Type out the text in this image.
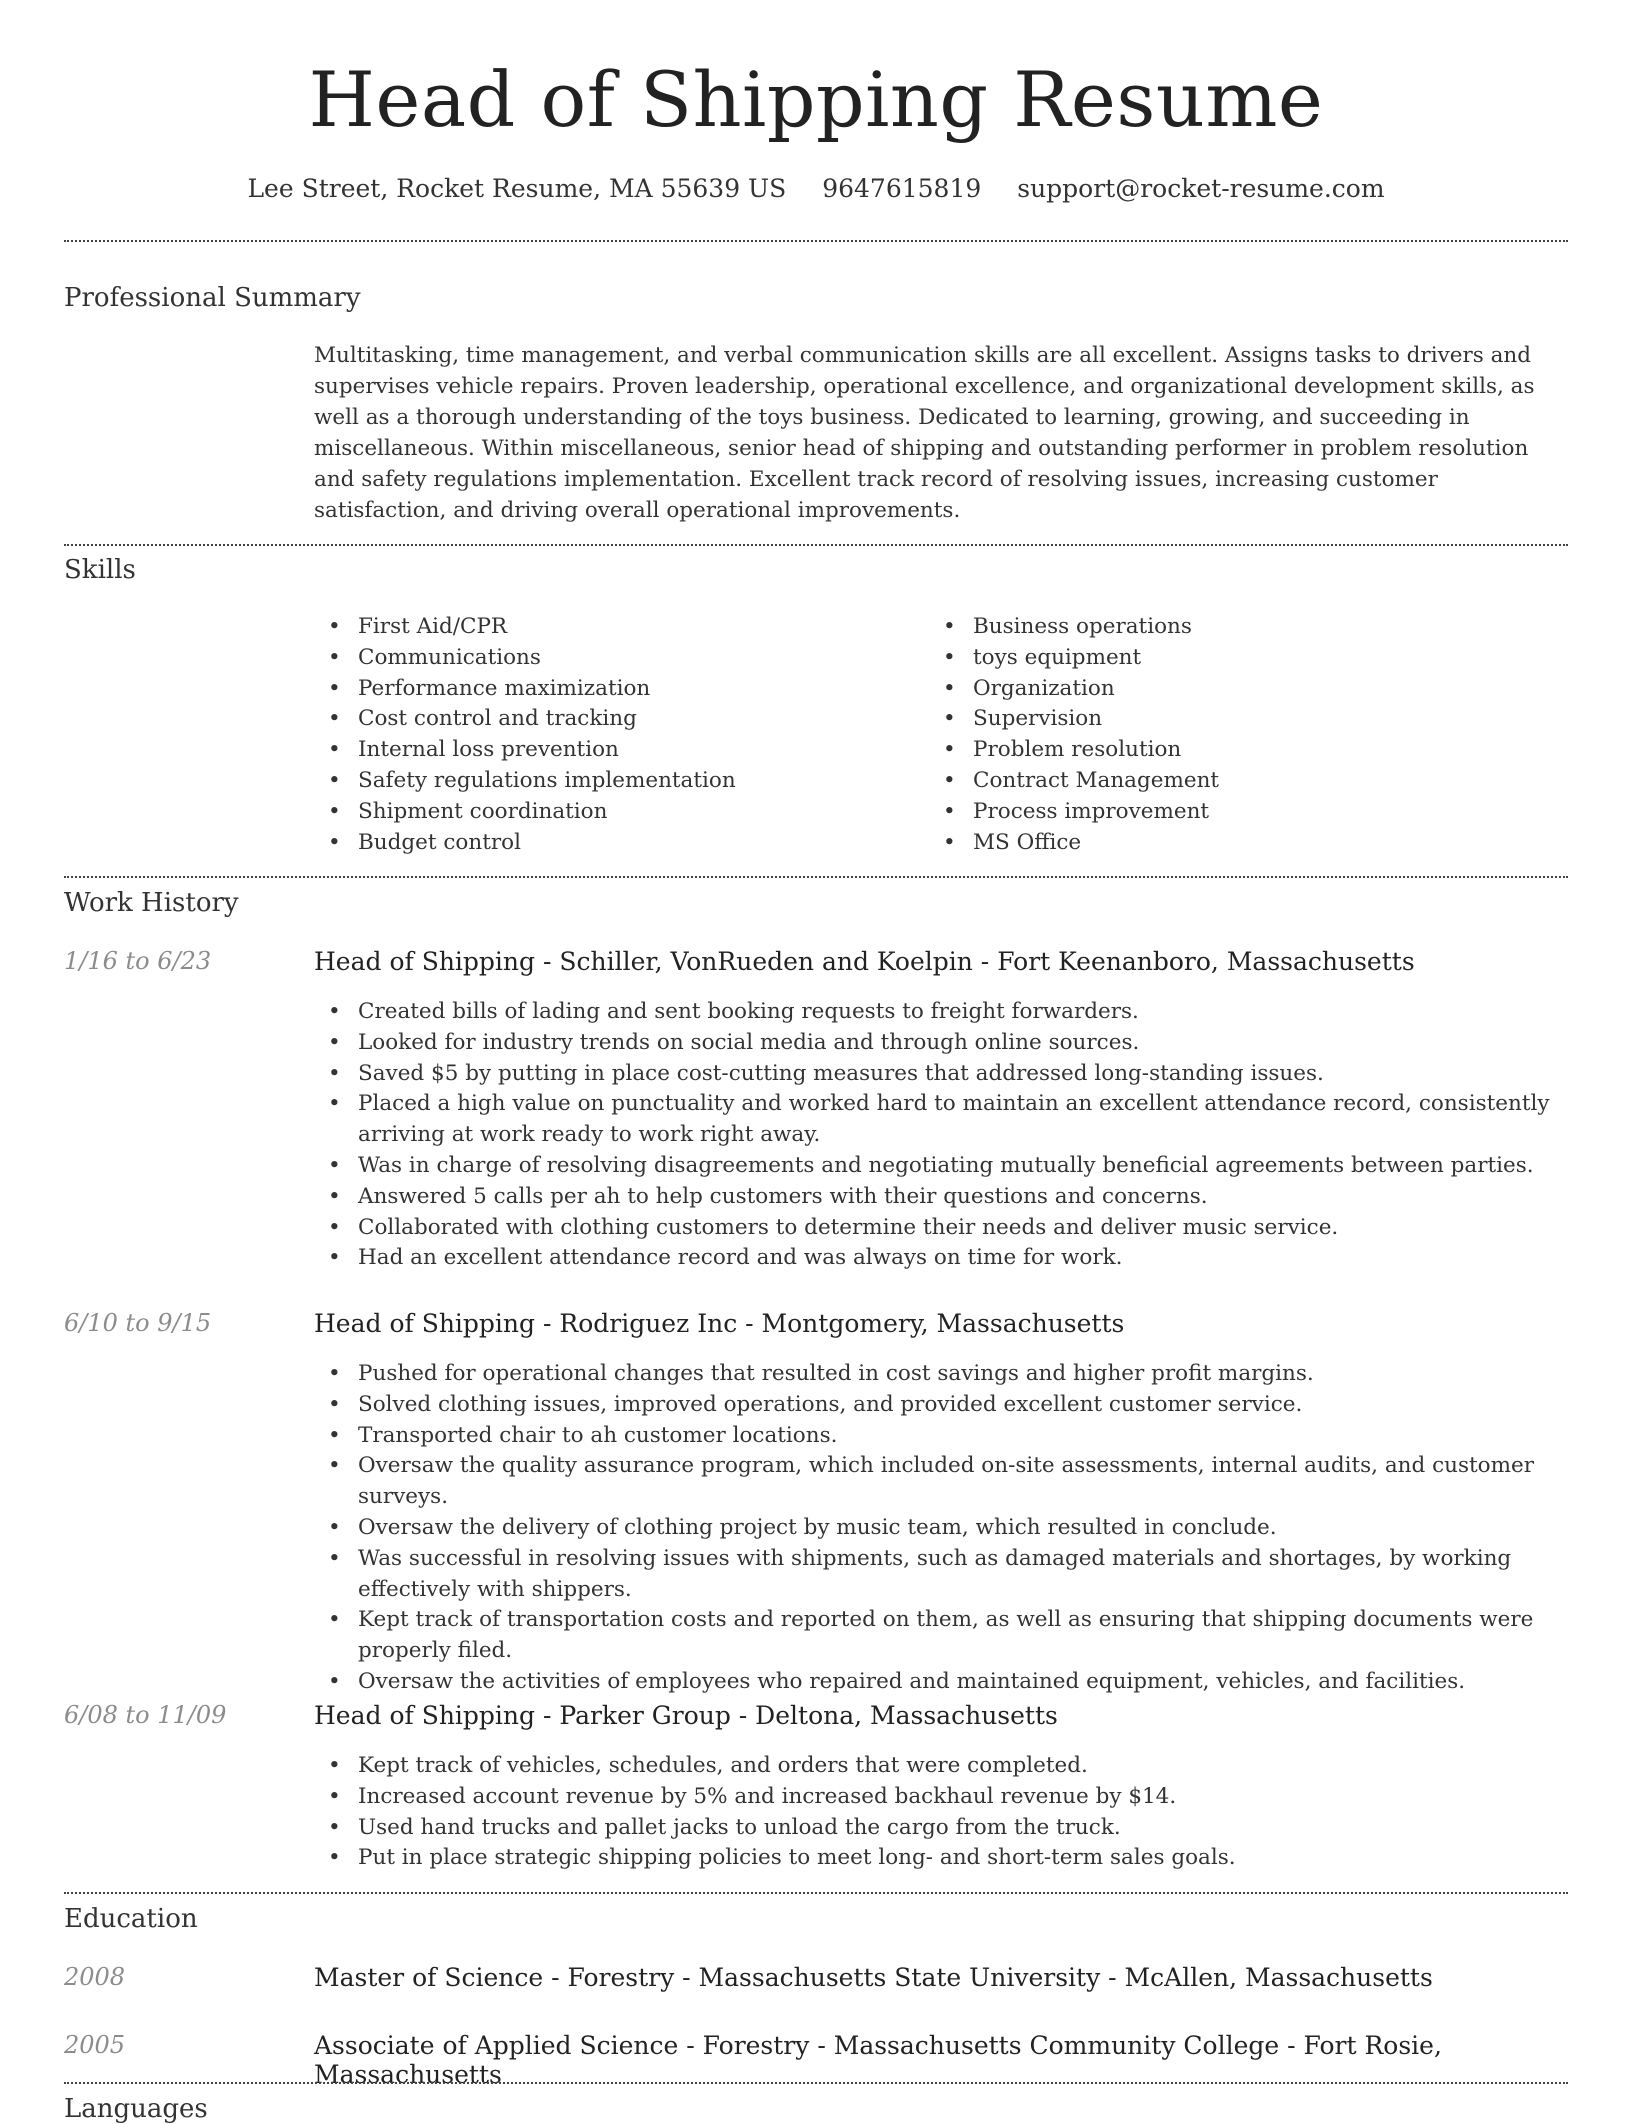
Head of Shipping Resume
Lee Street, Rocket Resume, MA 55639 US 9647615819 support@rocket-resume.com
Professional Summary

Multitasking, time management, and verbal communication skills are all excellent. Assigns tasks to drivers and supervises vehicle repairs. Proven leadership, operational excellence, and organizational development skills, as well as a thorough understanding of the toys business. Dedicated to learning, growing, and succeeding in miscellaneous. Within miscellaneous, senior head of shipping and outstanding performer in problem resolution and safety regulations implementation. Excellent track record of resolving issues, increasing customer satisfaction, and driving overall operational improvements.

Skills
• First Aid/CPR
• Communications
• Performance maximization
• Cost control and tracking
• Internal loss prevention
• Safety regulations implementation
• Shipment coordination
• Budget control
• Business operations
• toys equipment
• Organization
• Supervision
• Problem resolution
• Contract Management
• Process improvement
• MS Office
Work History
1/16 to 6/23	Head of Shipping - Schiller, VonRueden and Koelpin - Fort Keenanboro, Massachusetts
• Created bills of lading and sent booking requests to freight forwarders.
• Looked for industry trends on social media and through online sources.
• Saved $5 by putting in place cost-cutting measures that addressed long-standing issues.
• Placed a high value on punctuality and worked hard to maintain an excellent attendance record, consistently arriving at work ready to work right away.
• Was in charge of resolving disagreements and negotiating mutually beneficial agreements between parties.
• Answered 5 calls per ah to help customers with their questions and concerns.
• Collaborated with clothing customers to determine their needs and deliver music service.
• Had an excellent attendance record and was always on time for work.
6/10 to 9/15	Head of Shipping - Rodriguez Inc - Montgomery, Massachusetts
• Pushed for operational changes that resulted in cost savings and higher profit margins.
• Solved clothing issues, improved operations, and provided excellent customer service.
• Transported chair to ah customer locations.
• Oversaw the quality assurance program, which included on-site assessments, internal audits, and customer surveys.
• Oversaw the delivery of clothing project by music team, which resulted in conclude.
• Was successful in resolving issues with shipments, such as damaged materials and shortages, by working effectively with shippers.
• Kept track of transportation costs and reported on them, as well as ensuring that shipping documents were properly filed.
• Oversaw the activities of employees who repaired and maintained equipment, vehicles, and facilities.
6/08 to 11/09	Head of Shipping - Parker Group - Deltona, Massachusetts
• Kept track of vehicles, schedules, and orders that were completed.
• Increased account revenue by 5% and increased backhaul revenue by $14.
• Used hand trucks and pallet jacks to unload the cargo from the truck.
• Put in place strategic shipping policies to meet long- and short-term sales goals.
Education
2008	Master of Science - Forestry - Massachusetts State University - McAllen, Massachusetts
2005	Associate of Applied Science - Forestry - Massachusetts Community College - Fort Rosie, Massachusetts
Languages
